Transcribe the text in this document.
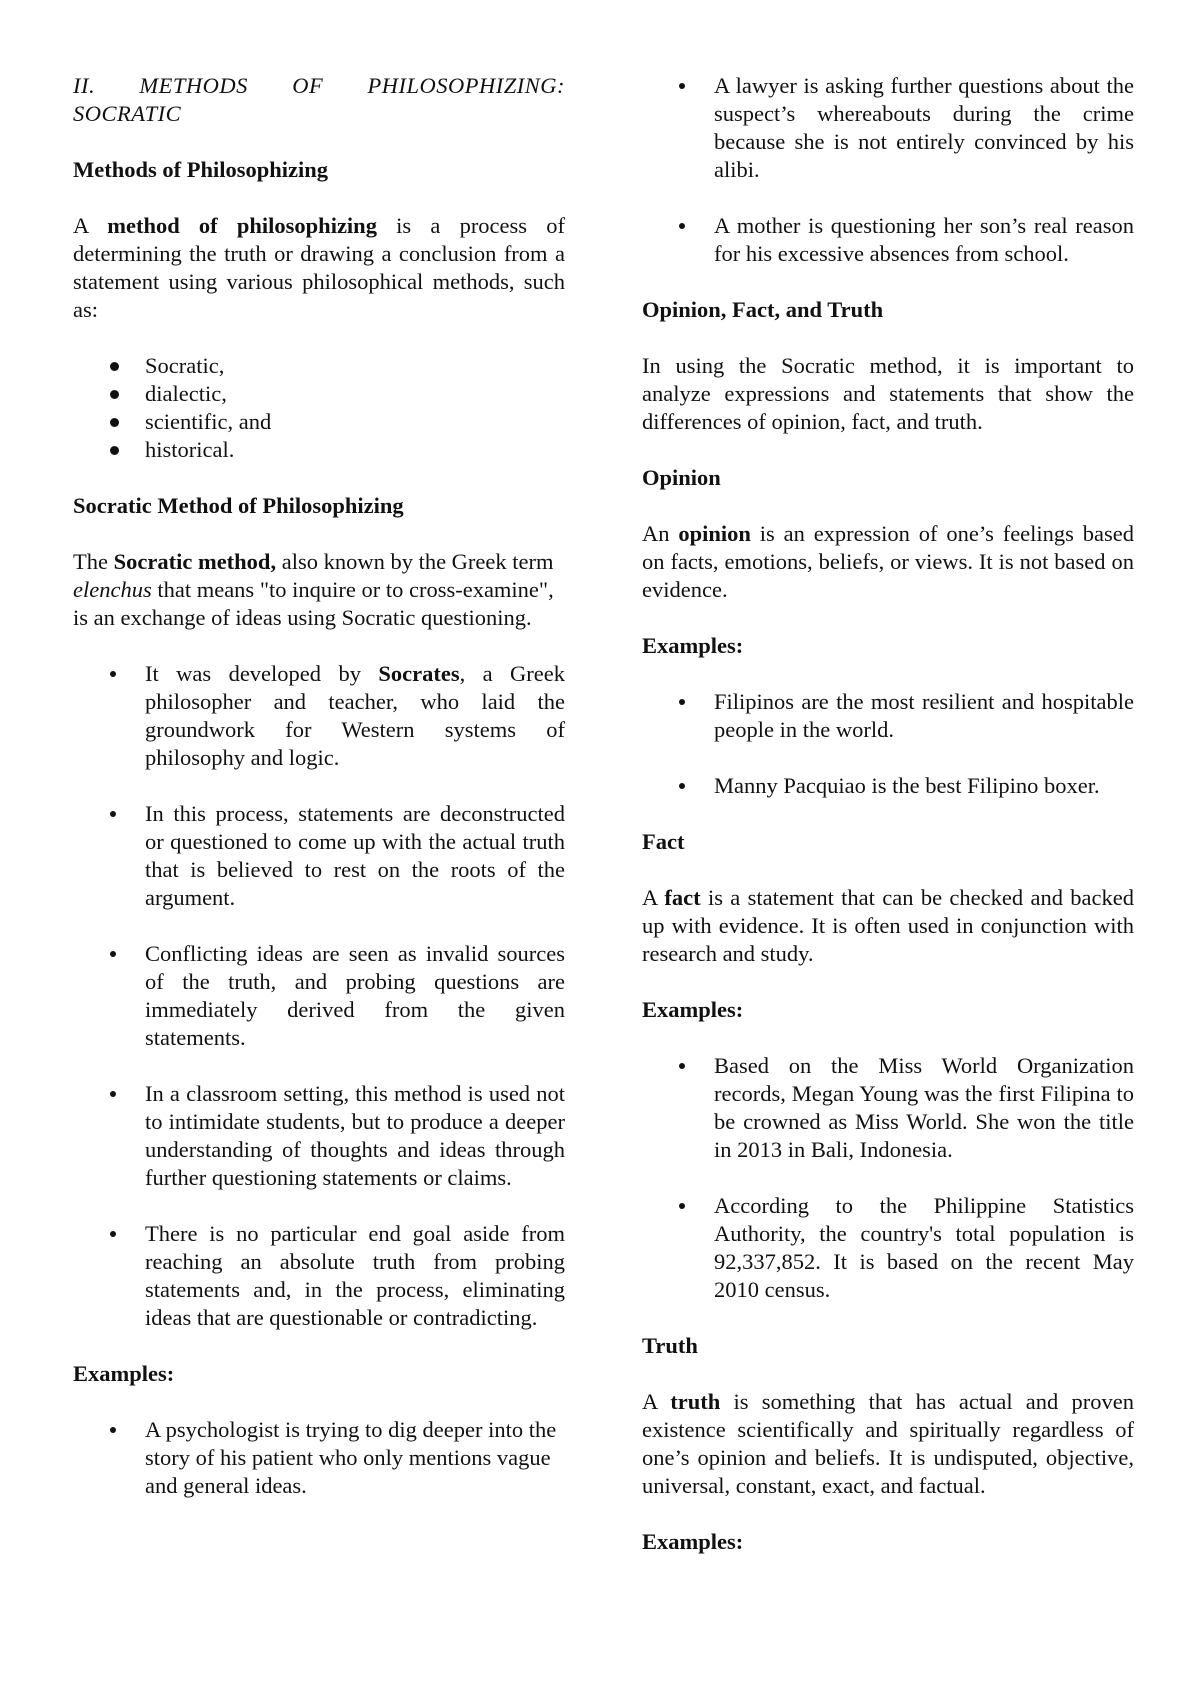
II. METHODS OF PHILOSOPHIZING:

SOCRATIC

Methods of Philosophizing

A method of philosophizing is a process of determining the truth or drawing a conclusion from a statement using various philosophical methods, such as:

Socratic,
dialectic,
scientific, and
historical.
Socratic Method of Philosophizing

The Socratic method, also known by the Greek term elenchus that means "to inquire or to cross-examine", is an exchange of ideas using Socratic questioning.

It was developed by Socrates, a Greek philosopher and teacher, who laid the groundwork for Western systems of philosophy and logic.
In this process, statements are deconstructed or questioned to come up with the actual truth that is believed to rest on the roots of the argument.
Conflicting ideas are seen as invalid sources of the truth, and probing questions are immediately derived from the given statements.
In a classroom setting, this method is used not to intimidate students, but to produce a deeper understanding of thoughts and ideas through further questioning statements or claims.
There is no particular end goal aside from reaching an absolute truth from probing statements and, in the process, eliminating ideas that are questionable or contradicting.
Examples:
A psychologist is trying to dig deeper into the story of his patient who only mentions vague and general ideas.
A lawyer is asking further questions about the suspect’s whereabouts during the crime because she is not entirely convinced by his alibi.
A mother is questioning her son’s real reason for his excessive absences from school.
Opinion, Fact, and Truth

In using the Socratic method, it is important to analyze expressions and statements that show the differences of opinion, fact, and truth.

Opinion

An opinion is an expression of one’s feelings based on facts, emotions, beliefs, or views. It is not based on evidence.

Examples:
Filipinos are the most resilient and hospitable people in the world.
Manny Pacquiao is the best Filipino boxer.
Fact

A fact is a statement that can be checked and backed up with evidence. It is often used in conjunction with research and study.

Examples:
Based on the Miss World Organization records, Megan Young was the first Filipina to be crowned as Miss World. She won the title in 2013 in Bali, Indonesia.
According to the Philippine Statistics Authority, the country's total population is 92,337,852. It is based on the recent May 2010 census.
Truth

A truth is something that has actual and proven existence scientifically and spiritually regardless of one’s opinion and beliefs. It is undisputed, objective, universal, constant, exact, and factual.

Examples:
